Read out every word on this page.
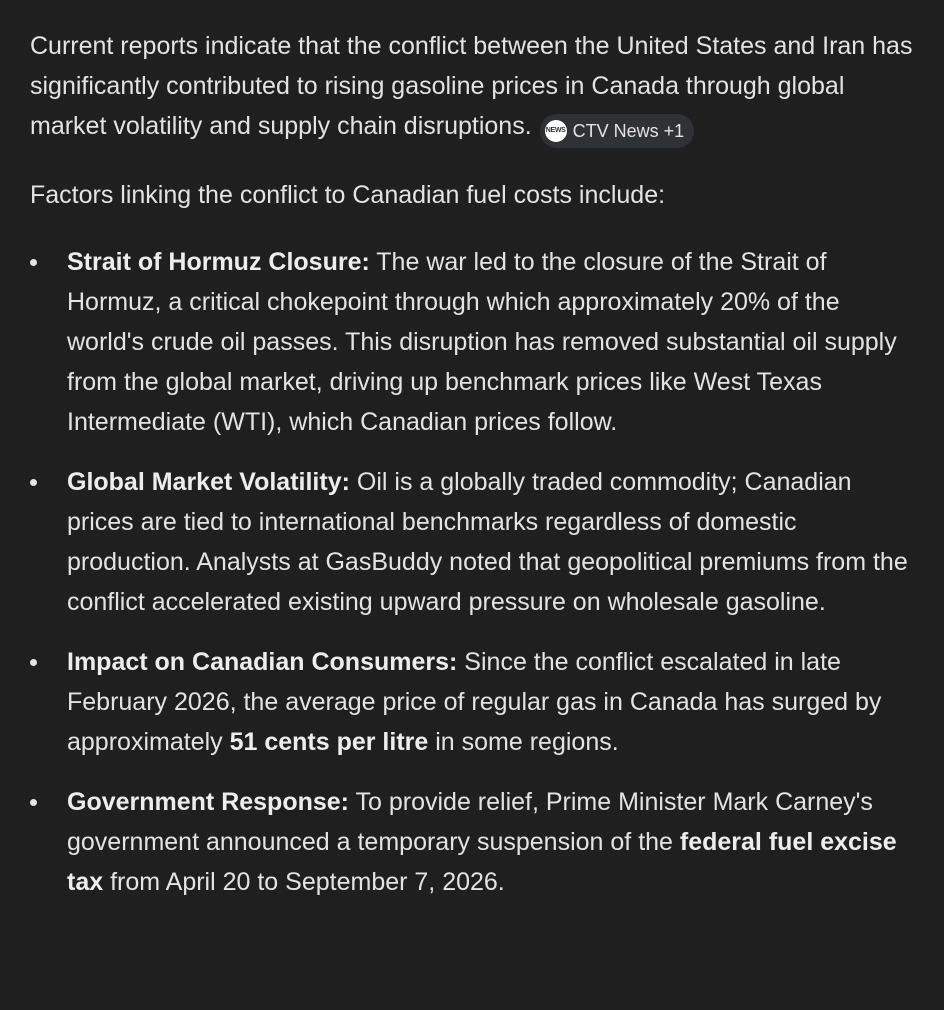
Current reports indicate that the conflict between the United States and Iran has significantly contributed to rising gasoline prices in Canada through global market volatility and supply chain disruptions. NEWS CTV News +1

Factors linking the conflict to Canadian fuel costs include:

Strait of Hormuz Closure: The war led to the closure of the Strait of Hormuz, a critical chokepoint through which approximately 20% of the world's crude oil passes. This disruption has removed substantial oil supply from the global market, driving up benchmark prices like West Texas Intermediate (WTI), which Canadian prices follow.
Global Market Volatility: Oil is a globally traded commodity; Canadian prices are tied to international benchmarks regardless of domestic production. Analysts at GasBuddy noted that geopolitical premiums from the conflict accelerated existing upward pressure on wholesale gasoline.
Impact on Canadian Consumers: Since the conflict escalated in late February 2026, the average price of regular gas in Canada has surged by approximately 51 cents per litre in some regions.
Government Response: To provide relief, Prime Minister Mark Carney's government announced a temporary suspension of the federal fuel excise tax from April 20 to September 7, 2026.
